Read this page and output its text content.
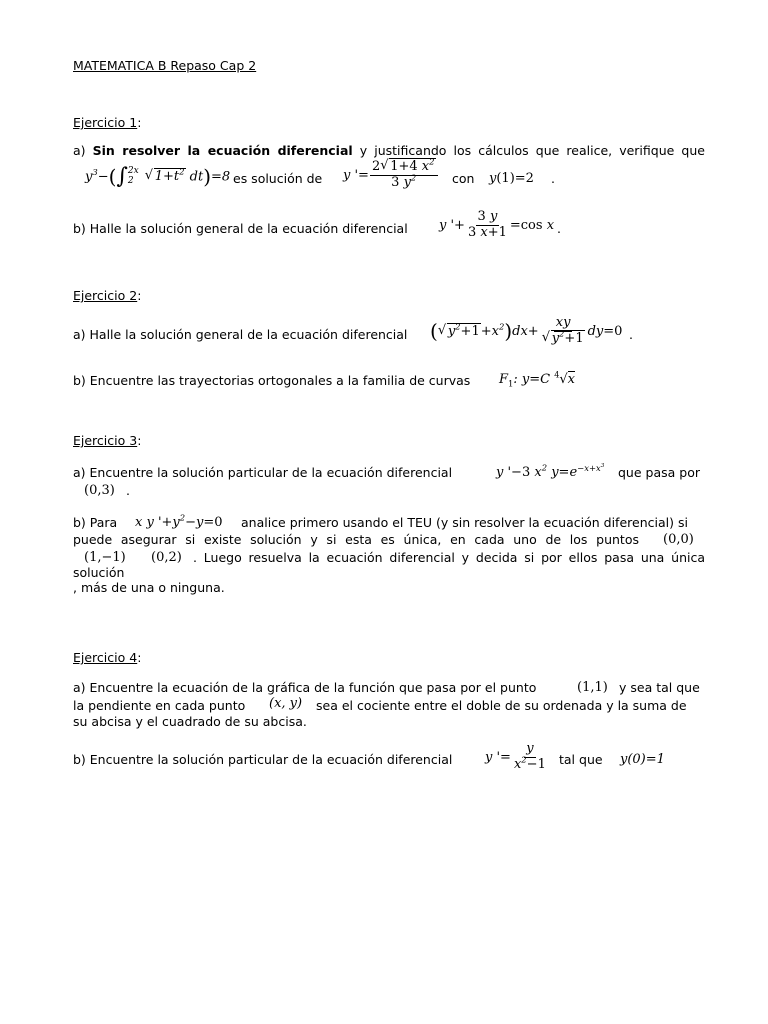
MATEMATICA B Repaso Cap 2
Ejercicio 1:
a) Sin resolver la ecuación diferencial y justificando los cálculos que realice, verifique que
$y^3-(\int$ 2x
2	√ $1+t^2$ dt)=8 es solución de y '= $\frac{2 √ 1+4 x^2}{3 y^2}$ con y(1)=2 .
b) Halle la solución general de la ecuación diferencial y '+ $\frac{3 y}{3 x+1} =\cos$ x .
Ejercicio 2:
a) Halle la solución general de la ecuación diferencial ( √ $y^2+1+x^2)dx+$ xy
√ $y^2+1$ dy=0 .
b) Encuentre las trayectorias ortogonales a la familia de curvas $F_1$: y=C $^4$√x
Ejercicio 3:
a) Encuentre la solución particular de la ecuación diferencial	y '−3 $x^2$ $y=e^{-x+x^3}$ que pasa por
(0,3) .
b) Para x y '$+y^2-y=0$ analice primero usando el TEU (y sin resolver la ecuación diferencial) si
puede asegurar si existe solución y si esta es única, en cada uno de los puntos (0,0)
(1,−1) (0,2) . Luego resuelva la ecuación diferencial y decida si por ellos pasa una única
solución
, más de una o ninguna.
Ejercicio 4:
a) Encuentre la ecuación de la gráfica de la función que pasa por el punto	(1,1) y sea tal que
la pendiente en cada punto (x, y) sea el cociente entre el doble de su ordenada y la suma de
su abcisa y el cuadrado de su abcisa.
b) Encuentre la solución particular de la ecuación diferencial	y '= $\frac{y}{x^2-1}$ tal que y(0)=1
